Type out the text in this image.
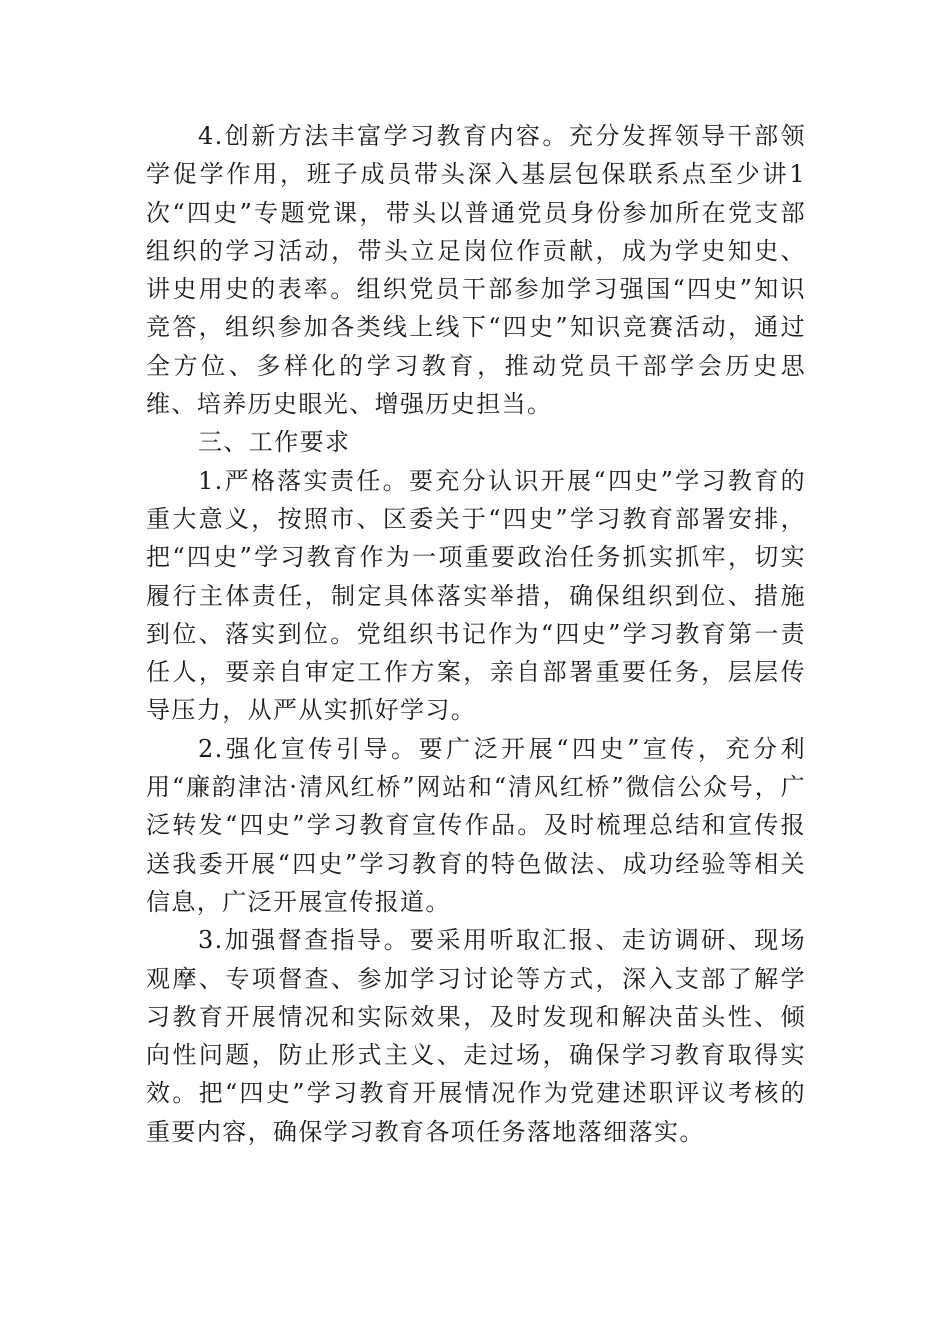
4.创新方法丰富学习教育内容。充分发挥领导干部领学促学作用，班子成员带头深入基层包保联系点至少讲1次“四史”专题党课，带头以普通党员身份参加所在党支部组织的学习活动，带头立足岗位作贡献，成为学史知史、讲史用史的表率。组织党员干部参加学习强国“四史”知识竞答，组织参加各类线上线下“四史”知识竞赛活动，通过全方位、多样化的学习教育，推动党员干部学会历史思维、培养历史眼光、增强历史担当。

三、工作要求

1.严格落实责任。要充分认识开展“四史”学习教育的重大意义，按照市、区委关于“四史”学习教育部署安排，把“四史”学习教育作为一项重要政治任务抓实抓牢，切实履行主体责任，制定具体落实举措，确保组织到位、措施到位、落实到位。党组织书记作为“四史”学习教育第一责任人，要亲自审定工作方案，亲自部署重要任务，层层传导压力，从严从实抓好学习。

2.强化宣传引导。要广泛开展“四史”宣传，充分利用“廉韵津沽·清风红桥”网站和“清风红桥”微信公众号，广泛转发“四史”学习教育宣传作品。及时梳理总结和宣传报送我委开展“四史”学习教育的特色做法、成功经验等相关信息，广泛开展宣传报道。

3.加强督查指导。要采用听取汇报、走访调研、现场观摩、专项督查、参加学习讨论等方式，深入支部了解学习教育开展情况和实际效果，及时发现和解决苗头性、倾向性问题，防止形式主义、走过场，确保学习教育取得实效。把“四史”学习教育开展情况作为党建述职评议考核的重要内容，确保学习教育各项任务落地落细落实。
